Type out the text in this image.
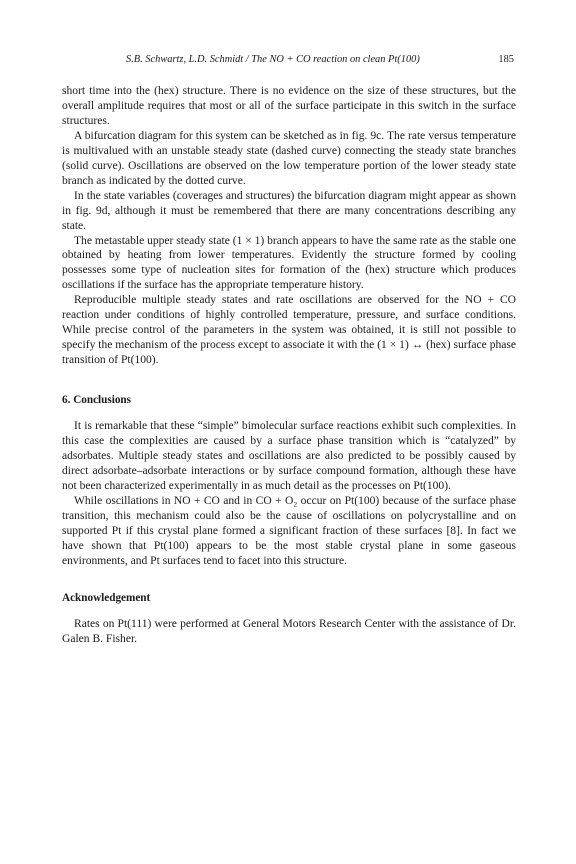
S.B. Schwartz, L.D. Schmidt / The NO + CO reaction on clean Pt(100)	185

short time into the (hex) structure. There is no evidence on the size of these structures, but the overall amplitude requires that most or all of the surface participate in this switch in the surface structures.

A bifurcation diagram for this system can be sketched as in fig. 9c. The rate versus temperature is multivalued with an unstable steady state (dashed curve) connecting the steady state branches (solid curve). Oscillations are observed on the low temperature portion of the lower steady state branch as indicated by the dotted curve.

In the state variables (coverages and structures) the bifurcation diagram might appear as shown in fig. 9d, although it must be remembered that there are many concentrations describing any state.

The metastable upper steady state (1 × 1) branch appears to have the same rate as the stable one obtained by heating from lower temperatures. Evidently the structure formed by cooling possesses some type of nucleation sites for formation of the (hex) structure which produces oscillations if the surface has the appropriate temperature history.

Reproducible multiple steady states and rate oscillations are observed for the NO + CO reaction under conditions of highly controlled temperature, pressure, and surface conditions. While precise control of the parameters in the system was obtained, it is still not possible to specify the mechanism of the process except to associate it with the (1 × 1) ↔ (hex) surface phase transition of Pt(100).

6. Conclusions

It is remarkable that these “simple” bimolecular surface reactions exhibit such complexities. In this case the complexities are caused by a surface phase transition which is “catalyzed” by adsorbates. Multiple steady states and oscillations are also predicted to be possibly caused by direct adsorbate–adsorbate interactions or by surface compound formation, although these have not been characterized experimentally in as much detail as the processes on Pt(100).

While oscillations in NO + CO and in CO + O₂ occur on Pt(100) because of the surface phase transition, this mechanism could also be the cause of oscillations on polycrystalline and on supported Pt if this crystal plane formed a significant fraction of these surfaces [8]. In fact we have shown that Pt(100) appears to be the most stable crystal plane in some gaseous environments, and Pt surfaces tend to facet into this structure.

Acknowledgement

Rates on Pt(111) were performed at General Motors Research Center with the assistance of Dr. Galen B. Fisher.
